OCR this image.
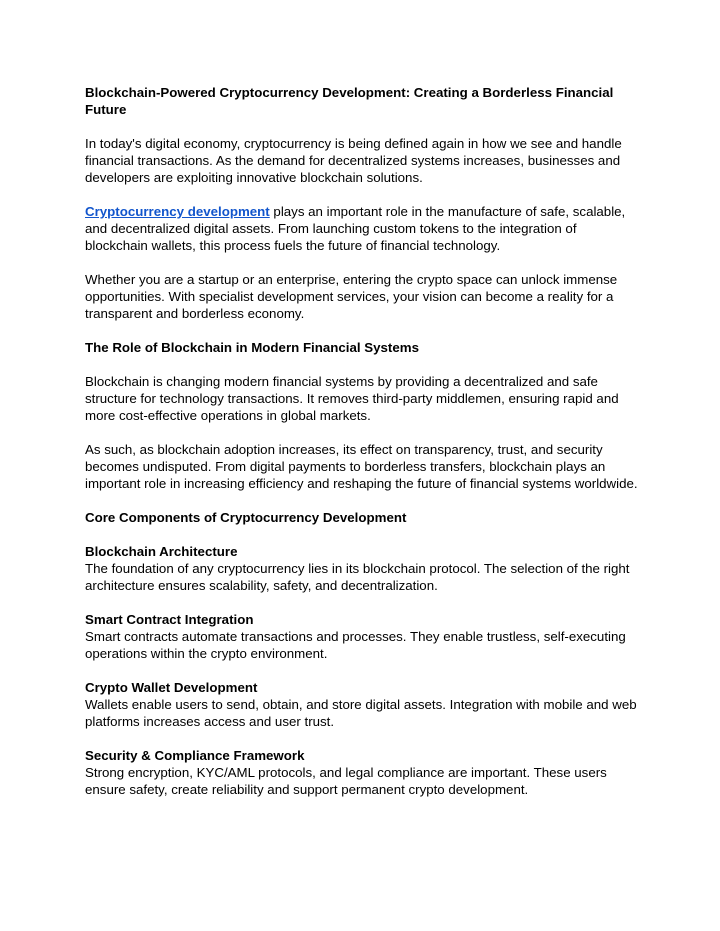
Blockchain-Powered Cryptocurrency Development: Creating a Borderless Financial Future

In today's digital economy, cryptocurrency is being defined again in how we see and handle financial transactions. As the demand for decentralized systems increases, businesses and developers are exploiting innovative blockchain solutions.

Cryptocurrency development plays an important role in the manufacture of safe, scalable, and decentralized digital assets. From launching custom tokens to the integration of blockchain wallets, this process fuels the future of financial technology.

Whether you are a startup or an enterprise, entering the crypto space can unlock immense opportunities. With specialist development services, your vision can become a reality for a transparent and borderless economy.

The Role of Blockchain in Modern Financial Systems

Blockchain is changing modern financial systems by providing a decentralized and safe structure for technology transactions. It removes third-party middlemen, ensuring rapid and more cost-effective operations in global markets.

As such, as blockchain adoption increases, its effect on transparency, trust, and security becomes undisputed. From digital payments to borderless transfers, blockchain plays an important role in increasing efficiency and reshaping the future of financial systems worldwide.

Core Components of Cryptocurrency Development

Blockchain Architecture

The foundation of any cryptocurrency lies in its blockchain protocol. The selection of the right architecture ensures scalability, safety, and decentralization.

Smart Contract Integration

Smart contracts automate transactions and processes. They enable trustless, self-executing operations within the crypto environment.

Crypto Wallet Development

Wallets enable users to send, obtain, and store digital assets. Integration with mobile and web platforms increases access and user trust.

Security & Compliance Framework

Strong encryption, KYC/AML protocols, and legal compliance are important. These users ensure safety, create reliability and support permanent crypto development.
